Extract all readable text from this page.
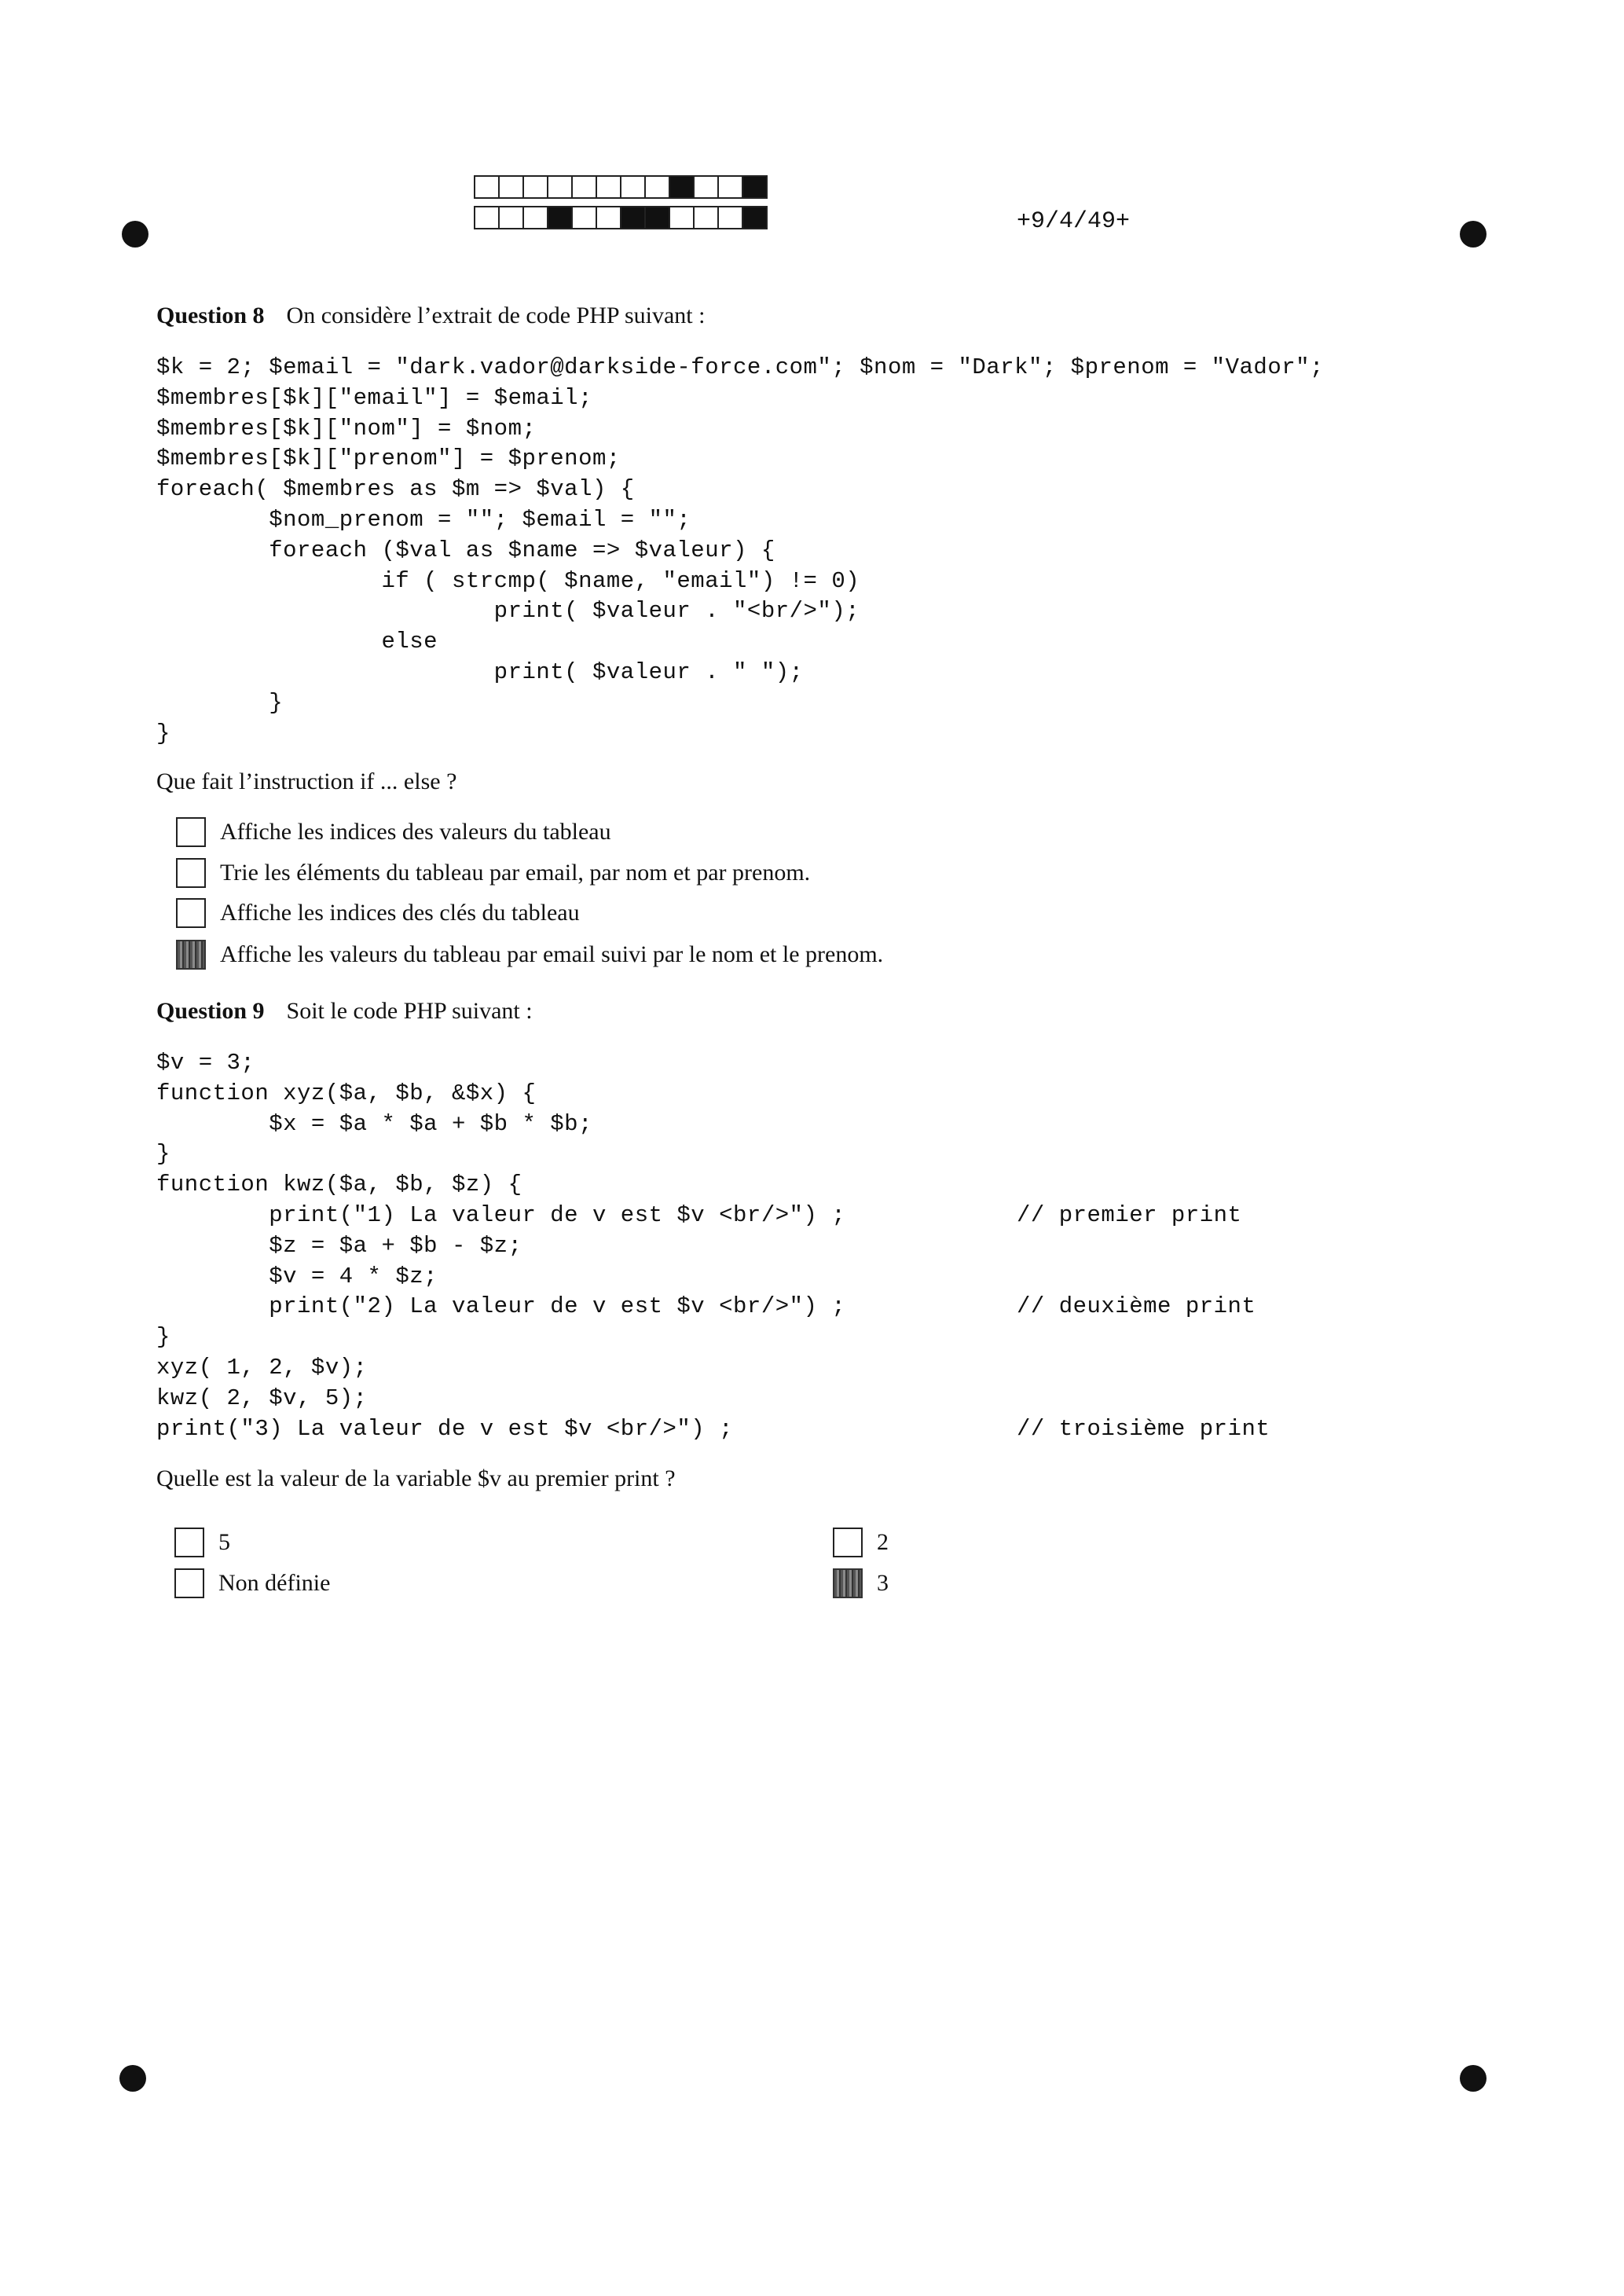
+9/4/49+
Question 8 On considère l’extrait de code PHP suivant :
$k = 2; $email = "dark.vador@darkside-force.com"; $nom = "Dark"; $prenom = "Vador";
$membres[$k]["email"] = $email;
$membres[$k]["nom"] = $nom;
$membres[$k]["prenom"] = $prenom;
foreach( $membres as $m => $val) {
$nom_prenom = ""; $email = "";
foreach ($val as $name => $valeur) {
if ( strcmp( $name, "email") != 0)
print( $valeur . "<br/>");
else
print( $valeur . " ");
}
}
Que fait l’instruction if ... else ?
Affiche les indices des valeurs du tableau
Trie les éléments du tableau par email, par nom et par prenom.
Affiche les indices des clés du tableau
Affiche les valeurs du tableau par email suivi par le nom et le prenom.
Question 9 Soit le code PHP suivant :
$v = 3;
function xyz($a, $b, &$x) {
$x = $a * $a + $b * $b;
}
function kwz($a, $b, $z) {
print("1) La valeur de v est $v <br/>") ;	// premier print
$z = $a + $b - $z;
$v = 4 * $z;
print("2) La valeur de v est $v <br/>") ;	// deuxième print
}
xyz( 1, 2, $v);
kwz( 2, $v, 5);
print("3) La valeur de v est $v <br/>") ;	// troisième print
Quelle est la valeur de la variable $v au premier print ?
5	2
Non définie	3
